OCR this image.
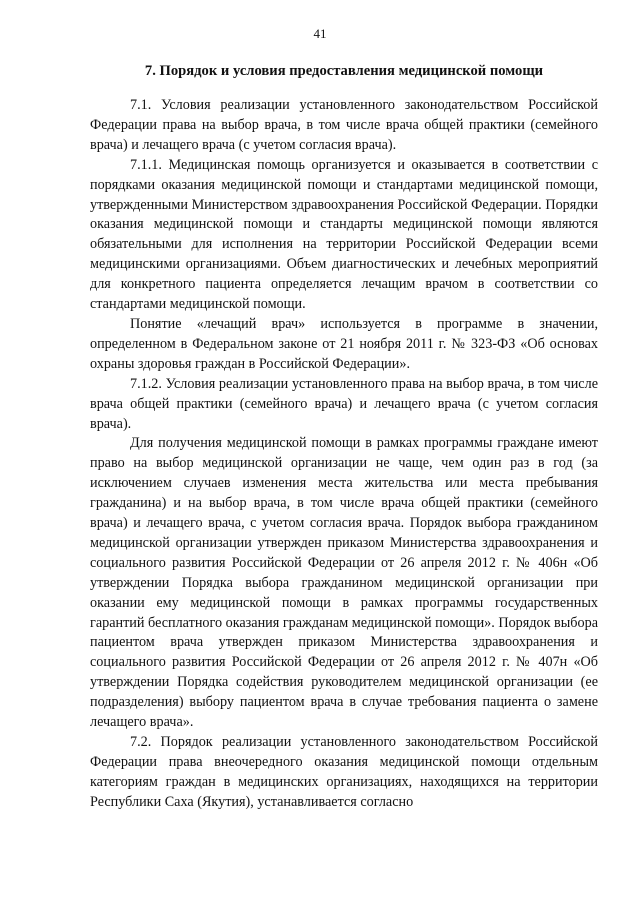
41
7. Порядок и условия предоставления медицинской помощи

7.1. Условия реализации установленного законодательством Российской Федерации права на выбор врача, в том числе врача общей практики (семейного врача) и лечащего врача (с учетом согласия врача).

7.1.1. Медицинская помощь организуется и оказывается в соответствии с порядками оказания медицинской помощи и стандартами медицинской помощи, утвержденными Министерством здравоохранения Российской Федерации. Порядки оказания медицинской помощи и стандарты медицинской помощи являются обязательными для исполнения на территории Российской Федерации всеми медицинскими организациями. Объем диагностических и лечебных мероприятий для конкретного пациента определяется лечащим врачом в соответствии со стандартами медицинской помощи.

Понятие «лечащий врач» используется в программе в значении, определенном в Федеральном законе от 21 ноября 2011 г. № 323-ФЗ «Об основах охраны здоровья граждан в Российской Федерации».

7.1.2. Условия реализации установленного права на выбор врача, в том числе врача общей практики (семейного врача) и лечащего врача (с учетом согласия врача).

Для получения медицинской помощи в рамках программы граждане имеют право на выбор медицинской организации не чаще, чем один раз в год (за исключением случаев изменения места жительства или места пребывания гражданина) и на выбор врача, в том числе врача общей практики (семейного врача) и лечащего врача, с учетом согласия врача. Порядок выбора гражданином медицинской организации утвержден приказом Министерства здравоохранения и социального развития Российской Федерации от 26 апреля 2012 г. № 406н «Об утверждении Порядка выбора гражданином медицинской организации при оказании ему медицинской помощи в рамках программы государственных гарантий бесплатного оказания гражданам медицинской помощи». Порядок выбора пациентом врача утвержден приказом Министерства здравоохранения и социального развития Российской Федерации от 26 апреля 2012 г. № 407н «Об утверждении Порядка содействия руководителем медицинской организации (ее подразделения) выбору пациентом врача в случае требования пациента о замене лечащего врача».

7.2. Порядок реализации установленного законодательством Российской Федерации права внеочередного оказания медицинской помощи отдельным категориям граждан в медицинских организациях, находящихся на территории Республики Саха (Якутия), устанавливается согласно
